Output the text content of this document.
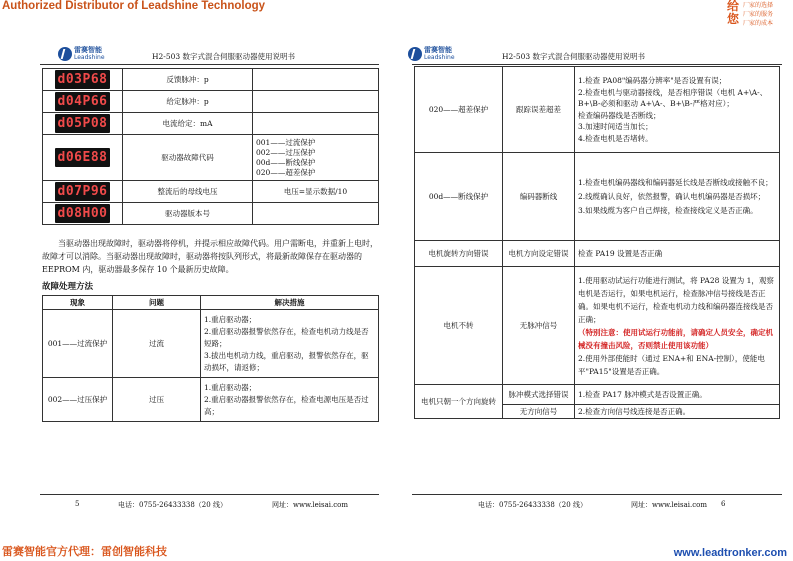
Authorized Distributor of Leadshine Technology	给
您
厂家的选择
厂家的服务
厂家的成本
雷赛智能
Leadshine	H2-503 数字式混合伺服驱动器使用说明书
d03P68	反馈脉冲：p	
d04P66	给定脉冲：p	
d05P08	电流给定：mA	
d06E88	驱动器故障代码	001——过流保护
002——过压保护
00d——断线保护
020——超差保护

d07P96	整流后的母线电压	电压=显示数据/10
d08H00	驱动器版本号	
当驱动器出现故障时，驱动器将停机，并提示相应故障代码。用户需断电，并重新上电时，故障才可以消除。当驱动器出现故障时，驱动器将按队列形式，将最新故障保存在驱动器的 EEPROM 内，驱动器最多保存 10 个最新历史故障。
故障处理方法
现象	问题	解决措施
001——过流保护	过流	1.重启驱动器；
2.重启驱动器报警依然存在，检查电机动力线是否短路；
3.拔出电机动力线，重启驱动，报警依然存在，驱动损坏，请返修；

002——过压保护	过压	1.重启驱动器；
2.重启驱动器报警依然存在，检查电源电压是否过高；
5	电话：0755-26433338（20 线）	网址：www.leisai.com
雷赛智能
Leadshine	H2-503 数字式混合伺服驱动器使用说明书
020——超差保护	跟踪误差超差	1.检查 PA08"编码器分辨率"是否设置有误；
2.检查电机与驱动器接线，是否相序错误（电机 A+\A-、B+\B-必须和驱动 A+\A-、B+\B-严格对应）；
检查编码器线是否断线；
3.加速时间适当加长；
4.检查电机是否堵转。

00d——断线保护	编码器断线	1.检查电机编码器线和编码器延长线是否断线或接触不良；
2.线缆确认良好，依然报警，确认电机编码器是否损坏；
3.如果线缆为客户自己焊接，检查接线定义是否正确。

电机旋转方向错误	电机方向设定错误	检查 PA19 设置是否正确

电机不转	无脉冲信号	1.使用驱动试运行功能进行测试，将 PA28 设置为 1，观察电机是否运行，如果电机运行，检查脉冲信号接线是否正确。如果电机不运行，检查电机动力线和编码器连接线是否正确；
（特别注意：使用试运行功能前，请确定人员安全，确定机械没有撞击风险，否则禁止使用该功能）
2.使用外部使能时（通过 ENA+和 ENA-控制），使能电平"PA15"设置是否正确。

电机只朝一个方向旋转	脉冲模式选择错误	1.检查 PA17 脉冲模式是否设置正确。

	无方向信号	2.检查方向信号线连接是否正确。
电话：0755-26433338（20 线）	网址：www.leisai.com 6
雷赛智能官方代理：雷创智能科技	www.leadtronker.com
